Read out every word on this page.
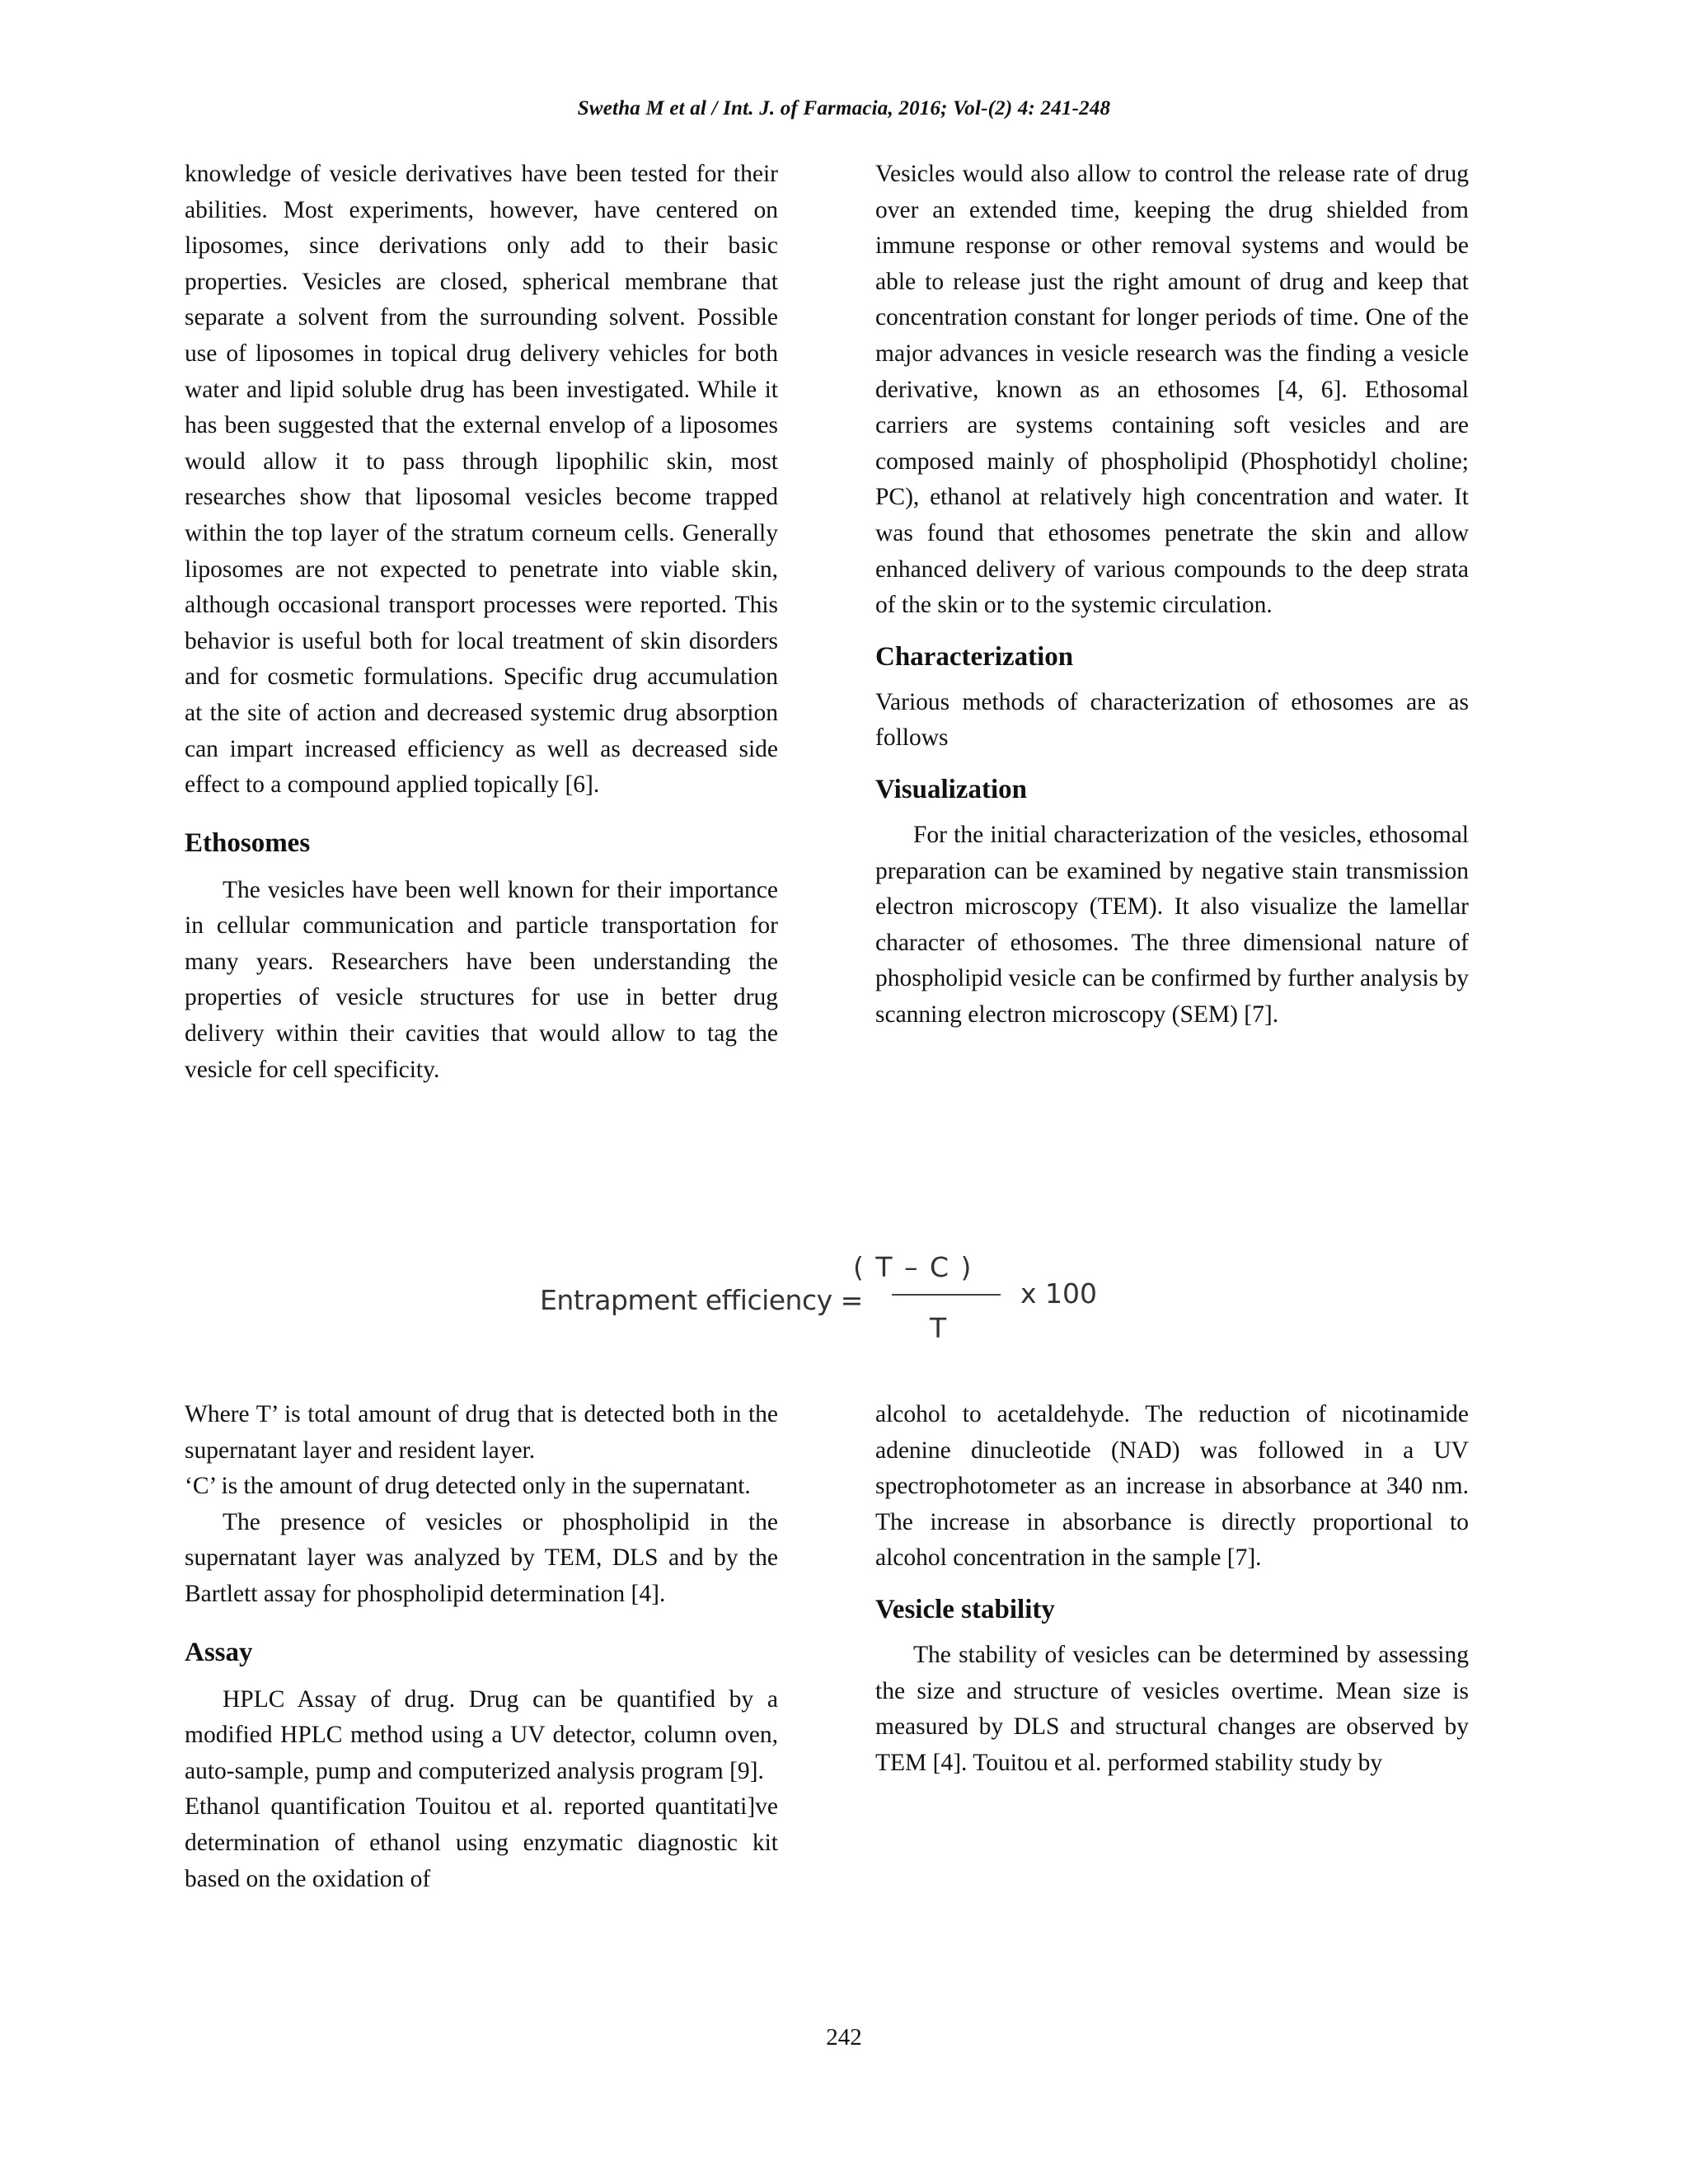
Swetha M et al / Int. J. of Farmacia, 2016; Vol-(2) 4: 241-248

knowledge of vesicle derivatives have been tested for their abilities. Most experiments, however, have centered on liposomes, since derivations only add to their basic properties. Vesicles are closed, spherical membrane that separate a solvent from the surrounding solvent. Possible use of liposomes in topical drug delivery vehicles for both water and lipid soluble drug has been investigated. While it has been suggested that the external envelop of a liposomes would allow it to pass through lipophilic skin, most researches show that liposomal vesicles become trapped within the top layer of the stratum corneum cells. Generally liposomes are not expected to penetrate into viable skin, although occasional transport processes were reported. This behavior is useful both for local treatment of skin disorders and for cosmetic formulations. Specific drug accumulation at the site of action and decreased systemic drug absorption can impart increased efficiency as well as decreased side effect to a compound applied topically [6].

Ethosomes

The vesicles have been well known for their importance in cellular communication and particle transportation for many years. Researchers have been understanding the properties of vesicle structures for use in better drug delivery within their cavities that would allow to tag the vesicle for cell specificity.

Vesicles would also allow to control the release rate of drug over an extended time, keeping the drug shielded from immune response or other removal systems and would be able to release just the right amount of drug and keep that concentration constant for longer periods of time. One of the major advances in vesicle research was the finding a vesicle derivative, known as an ethosomes [4, 6]. Ethosomal carriers are systems containing soft vesicles and are composed mainly of phospholipid (Phosphotidyl choline; PC), ethanol at relatively high concentration and water. It was found that ethosomes penetrate the skin and allow enhanced delivery of various compounds to the deep strata of the skin or to the systemic circulation.

Characterization

Various methods of characterization of ethosomes are as follows

Visualization

For the initial characterization of the vesicles, ethosomal preparation can be examined by negative stain transmission electron microscopy (TEM). It also visualize the lamellar character of ethosomes. The three dimensional nature of phospholipid vesicle can be confirmed by further analysis by scanning electron microscopy (SEM) [7].

Entrapment efficiency =
( T – C )
T
x 100

Where T’ is total amount of drug that is detected both in the supernatant layer and resident layer.

‘C’ is the amount of drug detected only in the supernatant.

The presence of vesicles or phospholipid in the supernatant layer was analyzed by TEM, DLS and by the Bartlett assay for phospholipid determination [4].

Assay

HPLC Assay of drug. Drug can be quantified by a modified HPLC method using a UV detector, column oven, auto-sample, pump and computerized analysis program [9].

Ethanol quantification Touitou et al. reported quantitati]ve determination of ethanol using enzymatic diagnostic kit based on the oxidation of

alcohol to acetaldehyde. The reduction of nicotinamide adenine dinucleotide (NAD) was followed in a UV spectrophotometer as an increase in absorbance at 340 nm. The increase in absorbance is directly proportional to alcohol concentration in the sample [7].

Vesicle stability

The stability of vesicles can be determined by assessing the size and structure of vesicles overtime. Mean size is measured by DLS and structural changes are observed by TEM [4]. Touitou et al. performed stability study by

242
